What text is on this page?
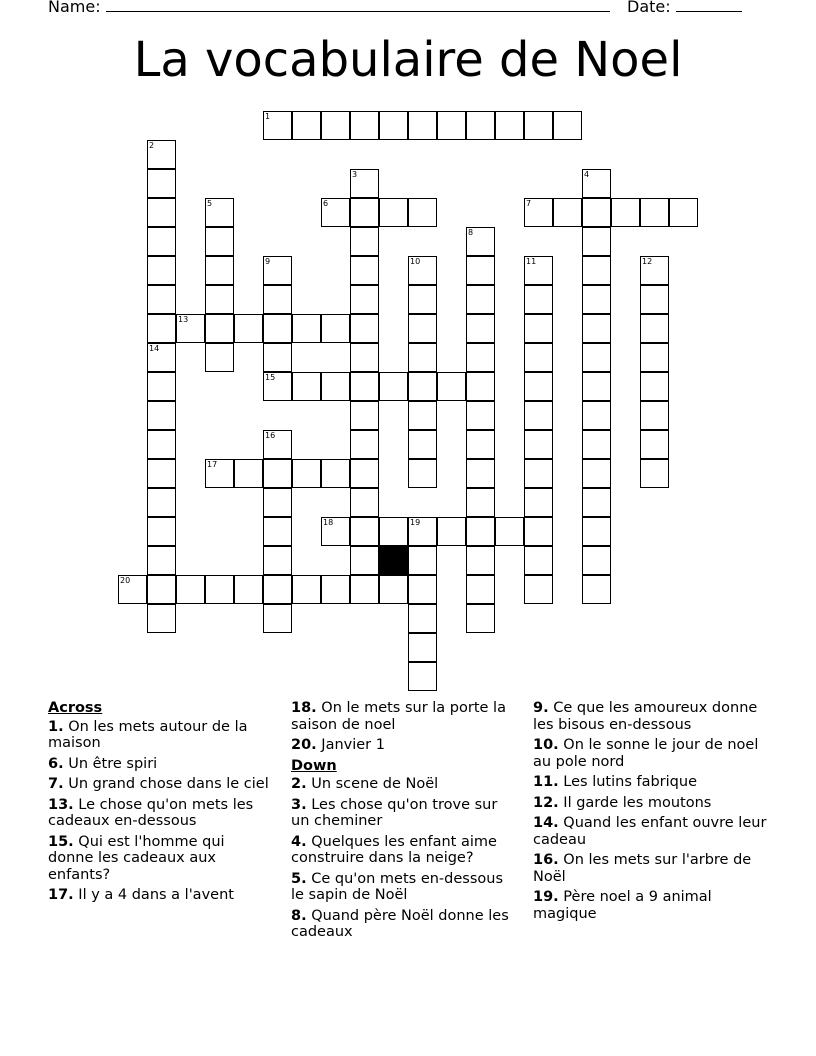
Name:	Date:
La vocabulaire de Noel
1
2
3	4
5	6	7
8
9	10	11	12
13
14
15
16
17
18	19
20
Across
1. On les mets autour de la maison
6. Un être spiri
7. Un grand chose dans le ciel
13. Le chose qu'on mets les cadeaux en-dessous
15. Qui est l'homme qui donne les cadeaux aux enfants?
17. Il y a 4 dans a l'avent
18. On le mets sur la porte la saison de noel
20. Janvier 1
Down
2. Un scene de Noël
3. Les chose qu'on trove sur un cheminer
4. Quelques les enfant aime construire dans la neige?
5. Ce qu'on mets en-dessous le sapin de Noël
8. Quand père Noël donne les cadeaux
9. Ce que les amoureux donne les bisous en-dessous
10. On le sonne le jour de noel au pole nord
11. Les lutins fabrique
12. Il garde les moutons
14. Quand les enfant ouvre leur cadeau
16. On les mets sur l'arbre de Noël
19. Père noel a 9 animal magique
